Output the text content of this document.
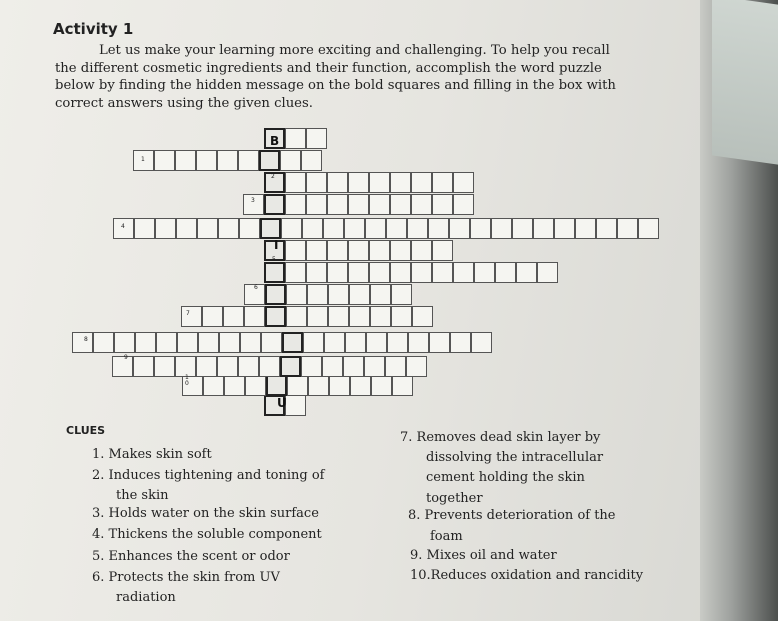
Activity 1
Let us make your learning more exciting and challenging. To help you recall
the different cosmetic ingredients and their function, accomplish the word puzzle
below by finding the hidden message on the bold squares and filling in the box with
correct answers using the given clues.
B
I
U
1
2
3
4
5
6
7
8
9
1​0
CLUES
1. Makes skin soft
2. Induces tightening and toning of
the skin
3. Holds water on the skin surface
4. Thickens the soluble component
5. Enhances the scent or odor
6. Protects the skin from UV
radiation
7. Removes dead skin layer by
dissolving the intracellular
cement holding the skin
together
8. Prevents deterioration of the
foam
9. Mixes oil and water
10.Reduces oxidation and rancidity
